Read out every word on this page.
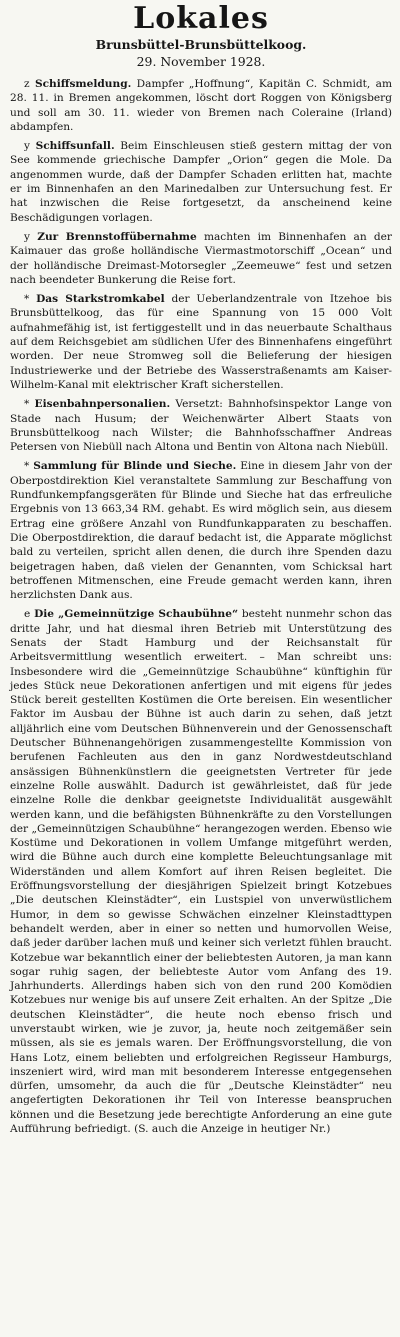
Lokales

Brunsbüttel-Brunsbüttelkoog.

29. November 1928.

z Schiffsmeldung. Dampfer „Hoffnung“, Kapitän C. Schmidt, am 28. 11. in Bremen angekommen, löscht dort Roggen von Königsberg und soll am 30. 11. wieder von Bremen nach Coleraine (Irland) abdampfen.
y Schiffsunfall. Beim Einschleusen stieß gestern mittag der von See kommende griechische Dampfer „Orion“ gegen die Mole. Da angenommen wurde, daß der Dampfer Schaden erlitten hat, machte er im Binnenhafen an den Marinedalben zur Untersuchung fest. Er hat inzwischen die Reise fortgesetzt, da anscheinend keine Beschädigungen vorlagen.
y Zur Brennstoffübernahme machten im Binnenhafen an der Kaimauer das große holländische Viermastmotorschiff „Ocean“ und der holländische Dreimast-Motorsegler „Zeemeuwe“ fest und setzen nach beendeter Bunkerung die Reise fort.
* Das Starkstromkabel der Ueberlandzentrale von Itzehoe bis Brunsbüttelkoog, das für eine Spannung von 15 000 Volt aufnahmefähig ist, ist fertiggestellt und in das neuerbaute Schalthaus auf dem Reichsgebiet am südlichen Ufer des Binnenhafens eingeführt worden. Der neue Stromweg soll die Belieferung der hiesigen Industriewerke und der Betriebe des Wasserstraßenamts am Kaiser-Wilhelm-Kanal mit elektrischer Kraft sicherstellen.
* Eisenbahnpersonalien. Versetzt: Bahnhofsinspektor Lange von Stade nach Husum; der Weichenwärter Albert Staats von Brunsbüttelkoog nach Wilster; die Bahnhofsschaffner Andreas Petersen von Niebüll nach Altona und Bentin von Altona nach Niebüll.
* Sammlung für Blinde und Sieche. Eine in diesem Jahr von der Oberpostdirektion Kiel veranstaltete Sammlung zur Beschaffung von Rundfunkempfangsgeräten für Blinde und Sieche hat das erfreuliche Ergebnis von 13 663,34 RM. gehabt. Es wird möglich sein, aus diesem Ertrag eine größere Anzahl von Rundfunkapparaten zu beschaffen. Die Oberpostdirektion, die darauf bedacht ist, die Apparate möglichst bald zu verteilen, spricht allen denen, die durch ihre Spenden dazu beigetragen haben, daß vielen der Genannten, vom Schicksal hart betroffenen Mitmenschen, eine Freude gemacht werden kann, ihren herzlichsten Dank aus.
e Die „Gemeinnützige Schaubühne“ besteht nunmehr schon das dritte Jahr, und hat diesmal ihren Betrieb mit Unterstützung des Senats der Stadt Hamburg und der Reichsanstalt für Arbeitsvermittlung wesentlich erweitert. – Man schreibt uns: Insbesondere wird die „Gemeinnützige Schaubühne“ künftighin für jedes Stück neue Dekorationen anfertigen und mit eigens für jedes Stück bereit gestellten Kostümen die Orte bereisen. Ein wesentlicher Faktor im Ausbau der Bühne ist auch darin zu sehen, daß jetzt alljährlich eine vom Deutschen Bühnenverein und der Genossenschaft Deutscher Bühnenangehörigen zusammengestellte Kommission von berufenen Fachleuten aus den in ganz Nordwestdeutschland ansässigen Bühnenkünstlern die geeignetsten Vertreter für jede einzelne Rolle auswählt. Dadurch ist gewährleistet, daß für jede einzelne Rolle die denkbar geeignetste Individualität ausgewählt werden kann, und die befähigsten Bühnenkräfte zu den Vorstellungen der „Gemeinnützigen Schaubühne“ herangezogen werden. Ebenso wie Kostüme und Dekorationen in vollem Umfange mitgeführt werden, wird die Bühne auch durch eine komplette Beleuchtungsanlage mit Widerständen und allem Komfort auf ihren Reisen begleitet. Die Eröffnungsvorstellung der diesjährigen Spielzeit bringt Kotzebues „Die deutschen Kleinstädter“, ein Lustspiel von unverwüstlichem Humor, in dem so gewisse Schwächen einzelner Kleinstadttypen behandelt werden, aber in einer so netten und humorvollen Weise, daß jeder darüber lachen muß und keiner sich verletzt fühlen braucht. Kotzebue war bekanntlich einer der beliebtesten Autoren, ja man kann sogar ruhig sagen, der beliebteste Autor vom Anfang des 19. Jahrhunderts. Allerdings haben sich von den rund 200 Komödien Kotzebues nur wenige bis auf unsere Zeit erhalten. An der Spitze „Die deutschen Kleinstädter“, die heute noch ebenso frisch und unverstaubt wirken, wie je zuvor, ja, heute noch zeitgemäßer sein müssen, als sie es jemals waren. Der Eröffnungsvorstellung, die von Hans Lotz, einem beliebten und erfolgreichen Regisseur Hamburgs, inszeniert wird, wird man mit besonderem Interesse entgegensehen dürfen, umsomehr, da auch die für „Deutsche Kleinstädter“ neu angefertigten Dekorationen ihr Teil von Interesse beanspruchen können und die Besetzung jede berechtigte Anforderung an eine gute Aufführung befriedigt. (S. auch die Anzeige in heutiger Nr.)
